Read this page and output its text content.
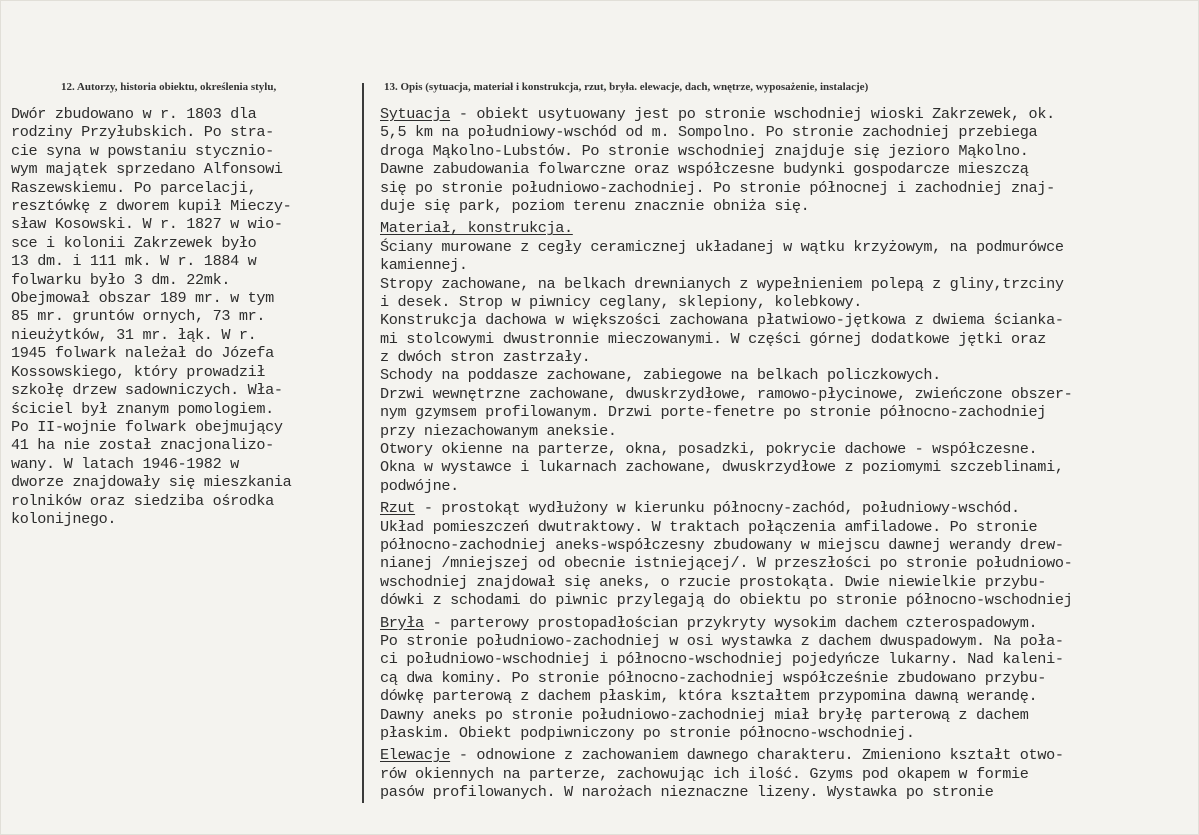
12. Autorzy, historia obiektu, określenia stylu,	13. Opis (sytuacja, materiał i konstrukcja, rzut, bryła. elewacje, dach, wnętrze, wyposażenie, instalacje)
Dwór zbudowano w r. 1803 dla
rodziny Przyłubskich. Po stra-
cie syna w powstaniu stycznio-
wym majątek sprzedano Alfonsowi
Raszewskiemu. Po parcelacji,
resztówkę z dworem kupił Mieczy-
sław Kosowski. W r. 1827 w wio-
sce i kolonii Zakrzewek było
13 dm. i 111 mk. W r. 1884 w
folwarku było 3 dm. 22mk.
Obejmował obszar 189 mr. w tym
85 mr. gruntów ornych, 73 mr.
nieużytków, 31 mr. łąk. W r.
1945 folwark należał do Józefa
Kossowskiego, który prowadził
szkołę drzew sadowniczych. Wła-
ściciel był znanym pomologiem.
Po II-wojnie folwark obejmujący
41 ha nie został znacjonalizo-
wany. W latach 1946-1982 w
dworze znajdowały się mieszkania
rolników oraz siedziba ośrodka
kolonijnego.
Sytuacja - obiekt usytuowany jest po stronie wschodniej wioski Zakrzewek, ok.
5,5 km na południowy-wschód od m. Sompolno. Po stronie zachodniej przebiega
droga Mąkolno-Lubstów. Po stronie wschodniej znajduje się jezioro Mąkolno.
Dawne zabudowania folwarczne oraz współczesne budynki gospodarcze mieszczą
się po stronie południowo-zachodniej. Po stronie północnej i zachodniej znaj-
duje się park, poziom terenu znacznie obniża się.
Materiał, konstrukcja.
Ściany murowane z cegły ceramicznej układanej w wątku krzyżowym, na podmurówce
kamiennej.
Stropy zachowane, na belkach drewnianych z wypełnieniem polepą z gliny,trzciny
i desek. Strop w piwnicy ceglany, sklepiony, kolebkowy.
Konstrukcja dachowa w większości zachowana płatwiowo-jętkowa z dwiema ściankа-
mi stolcowymi dwustronnie mieczowanymi. W części górnej dodatkowe jętki oraz
z dwóch stron zastrzały.
Schody na poddasze zachowane, zabiegowe na belkach policzkowych.
Drzwi wewnętrzne zachowane, dwuskrzydłowe, ramowo-płycinowe, zwieńczone obszer-
nym gzymsem profilowanym. Drzwi porte-fenetre po stronie północno-zachodniej
przy niezachowanym aneksie.
Otwory okienne na parterze, okna, posadzki, pokrycie dachowe - współczesne.
Okna w wystawce i lukarnach zachowane, dwuskrzydłowe z poziomymi szczeblinami,
podwójne.
Rzut - prostokąt wydłużony w kierunku północny-zachód, południowy-wschód.
Układ pomieszczeń dwutraktowy. W traktach połączenia amfiladowe. Po stronie
północno-zachodniej aneks-współczesny zbudowany w miejscu dawnej werandy drew-
nianej /mniejszej od obecnie istniejącej/. W przeszłości po stronie południowo-
wschodniej znajdował się aneks, o rzucie prostokąta. Dwie niewielkie przybu-
dówki z schodami do piwnic przylegają do obiektu po stronie północno-wschodniej
Bryła - parterowy prostopadłościan przykryty wysokim dachem czterospadowym.
Po stronie południowo-zachodniej w osi wystawka z dachem dwuspadowym. Na poła-
ci południowo-wschodniej i północno-wschodniej pojedyńcze lukarny. Nad kaleni-
cą dwa kominy. Po stronie północno-zachodniej współcześnie zbudowano przybu-
dówkę parterową z dachem płaskim, która kształtem przypomina dawną werandę.
Dawny aneks po stronie południowo-zachodniej miał bryłę parterową z dachem
płaskim. Obiekt podpiwniczony po stronie północno-wschodniej.
Elewacje - odnowione z zachowaniem dawnego charakteru. Zmieniono kształt otwo-
rów okiennych na parterze, zachowując ich ilość. Gzyms pod okapem w formie
pasów profilowanych. W narożach nieznaczne lizeny. Wystawka po stronie
